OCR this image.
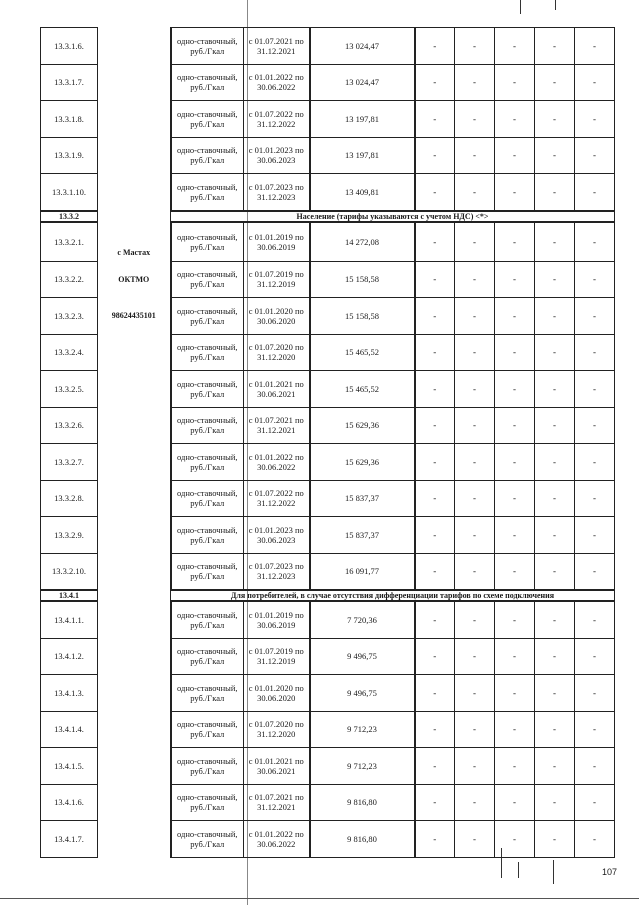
13.3.1.6.		одно-ставочный,
руб./Гкал	с 01.07.2021 по
31.12.2021	13 024,47	-	-	-	-	-
13.3.1.7.		одно-ставочный,
руб./Гкал	с 01.01.2022 по
30.06.2022	13 024,47	-	-	-	-	-
13.3.1.8.		одно-ставочный,
руб./Гкал	с 01.07.2022 по
31.12.2022	13 197,81	-	-	-	-	-
13.3.1.9.		одно-ставочный,
руб./Гкал	с 01.01.2023 по
30.06.2023	13 197,81	-	-	-	-	-
13.3.1.10.		одно-ставочный,
руб./Гкал	с 01.07.2023 по
31.12.2023	13 409,81	-	-	-	-	-
13.3.2		Население (тарифы указываются с учетом НДС) <*>							
13.3.2.1.	с Мастах	одно-ставочный,
руб./Гкал	с 01.01.2019 по
30.06.2019	14 272,08	-	-	-	-	-
13.3.2.2.	ОКТМО	одно-ставочный,
руб./Гкал	с 01.07.2019 по
31.12.2019	15 158,58	-	-	-	-	-
13.3.2.3.	98624435101	одно-ставочный,
руб./Гкал	с 01.01.2020 по
30.06.2020	15 158,58	-	-	-	-	-
13.3.2.4.		одно-ставочный,
руб./Гкал	с 01.07.2020 по
31.12.2020	15 465,52	-	-	-	-	-
13.3.2.5.		одно-ставочный,
руб./Гкал	с 01.01.2021 по
30.06.2021	15 465,52	-	-	-	-	-
13.3.2.6.		одно-ставочный,
руб./Гкал	с 01.07.2021 по
31.12.2021	15 629,36	-	-	-	-	-
13.3.2.7.		одно-ставочный,
руб./Гкал	с 01.01.2022 по
30.06.2022	15 629,36	-	-	-	-	-
13.3.2.8.		одно-ставочный,
руб./Гкал	с 01.07.2022 по
31.12.2022	15 837,37	-	-	-	-	-
13.3.2.9.		одно-ставочный,
руб./Гкал	с 01.01.2023 по
30.06.2023	15 837,37	-	-	-	-	-
13.3.2.10.		одно-ставочный,
руб./Гкал	с 01.07.2023 по
31.12.2023	16 091,77	-	-	-	-	-
13.4.1		Для потребителей, в случае отсутствия дифференциации тарифов по схеме подключения							
13.4.1.1.		одно-ставочный,
руб./Гкал	с 01.01.2019 по
30.06.2019	7 720,36	-	-	-	-	-
13.4.1.2.		одно-ставочный,
руб./Гкал	с 01.07.2019 по
31.12.2019	9 496,75	-	-	-	-	-
13.4.1.3.		одно-ставочный,
руб./Гкал	с 01.01.2020 по
30.06.2020	9 496,75	-	-	-	-	-
13.4.1.4.		одно-ставочный,
руб./Гкал	с 01.07.2020 по
31.12.2020	9 712,23	-	-	-	-	-
13.4.1.5.		одно-ставочный,
руб./Гкал	с 01.01.2021 по
30.06.2021	9 712,23	-	-	-	-	-
13.4.1.6.		одно-ставочный,
руб./Гкал	с 01.07.2021 по
31.12.2021	9 816,80	-	-	-	-	-
13.4.1.7.		одно-ставочный,
руб./Гкал	с 01.01.2022 по
30.06.2022	9 816,80	-	-	-	-	-
107
